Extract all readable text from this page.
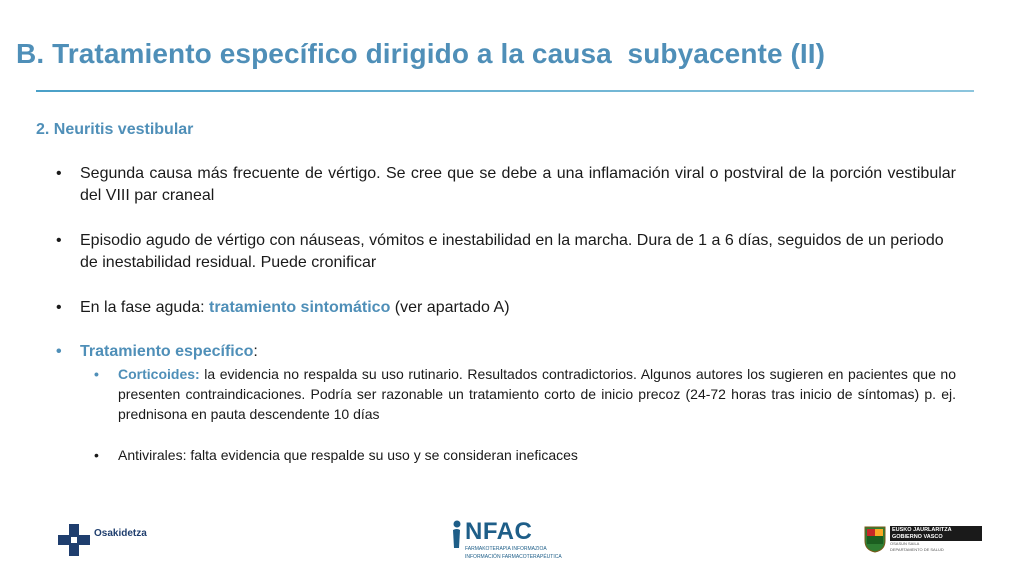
B. Tratamiento específico dirigido a la causa  subyacente (II)
2. Neuritis vestibular
• Segunda causa más frecuente de vértigo. Se cree que se debe a una inflamación viral o postviral de la porción vestibular del VIII par craneal
• Episodio agudo de vértigo con náuseas, vómitos e inestabilidad en la marcha. Dura de 1 a 6 días, seguidos de un periodo de inestabilidad residual. Puede cronificar
• En la fase aguda: tratamiento sintomático (ver apartado A)
• Tratamiento específico:
• Corticoides: la evidencia no respalda su uso rutinario. Resultados contradictorios. Algunos autores los sugieren en pacientes que no presenten contraindicaciones. Podría ser razonable un tratamiento corto de inicio precoz (24-72 horas tras inicio de síntomas) p. ej. prednisona en pauta descendente 10 días
• Antivirales: falta evidencia que respalde su uso y se consideran ineficaces
Osakidetza	NFAC
FARMAKOTERAPIA INFORMAZIOA
INFORMACIÓN FARMACOTERAPÉUTICA
EUSKO JAURLARITZA
GOBIERNO VASCO
OSASUN SAILA
DEPARTAMENTO DE SALUD
